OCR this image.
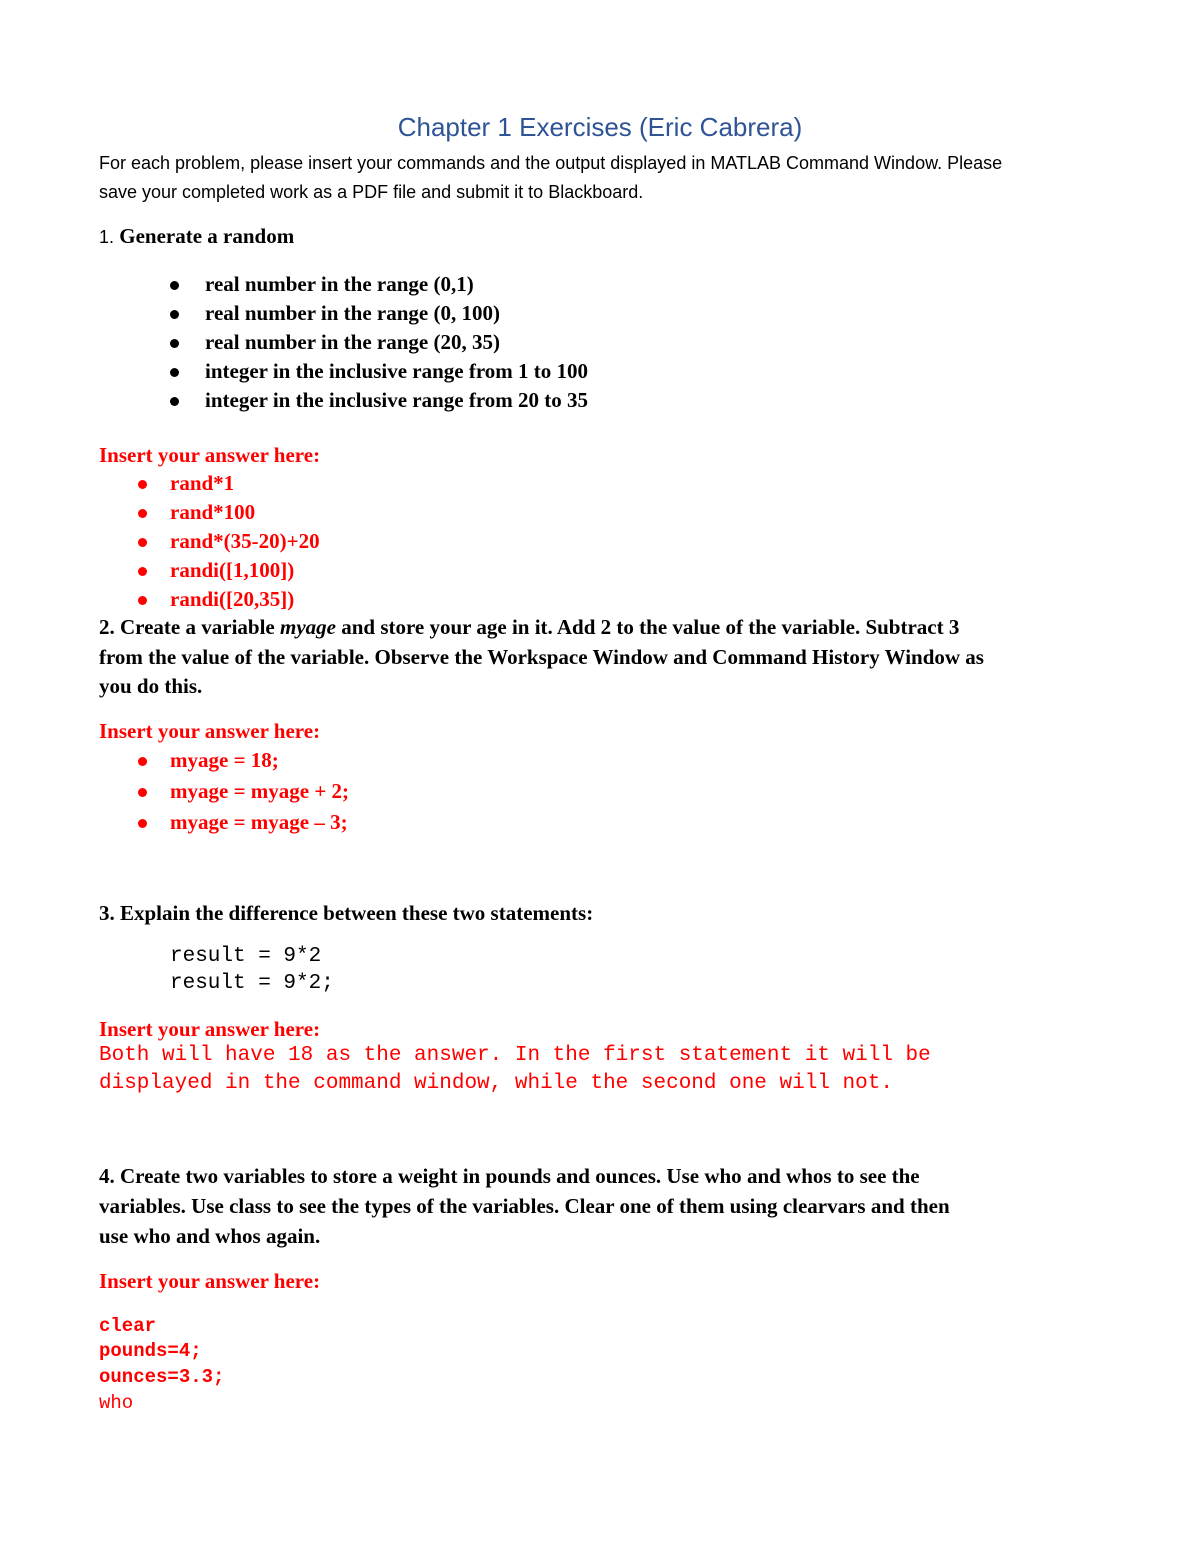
Chapter 1 Exercises (Eric Cabrera)
For each problem, please insert your commands and the output displayed in MATLAB Command Window. Please
save your completed work as a PDF file and submit it to Blackboard.
1. Generate a random
real number in the range (0,1)
real number in the range (0, 100)
real number in the range (20, 35)
integer in the inclusive range from 1 to 100
integer in the inclusive range from 20 to 35
Insert your answer here:
rand*1
rand*100
rand*(35-20)+20
randi([1,100])
randi([20,35])
2. Create a variable myage and store your age in it. Add 2 to the value of the variable. Subtract 3
from the value of the variable. Observe the Workspace Window and Command History Window as
you do this.
Insert your answer here:
myage = 18;
myage = myage + 2;
myage = myage – 3;
3. Explain the difference between these two statements:
result = 9*2
result = 9*2;
Insert your answer here:
Both will have 18 as the answer. In the first statement it will be
displayed in the command window, while the second one will not.
4. Create two variables to store a weight in pounds and ounces. Use who and whos to see the
variables. Use class to see the types of the variables. Clear one of them using clearvars and then
use who and whos again.
Insert your answer here:
clear
pounds=4;
ounces=3.3;
who
